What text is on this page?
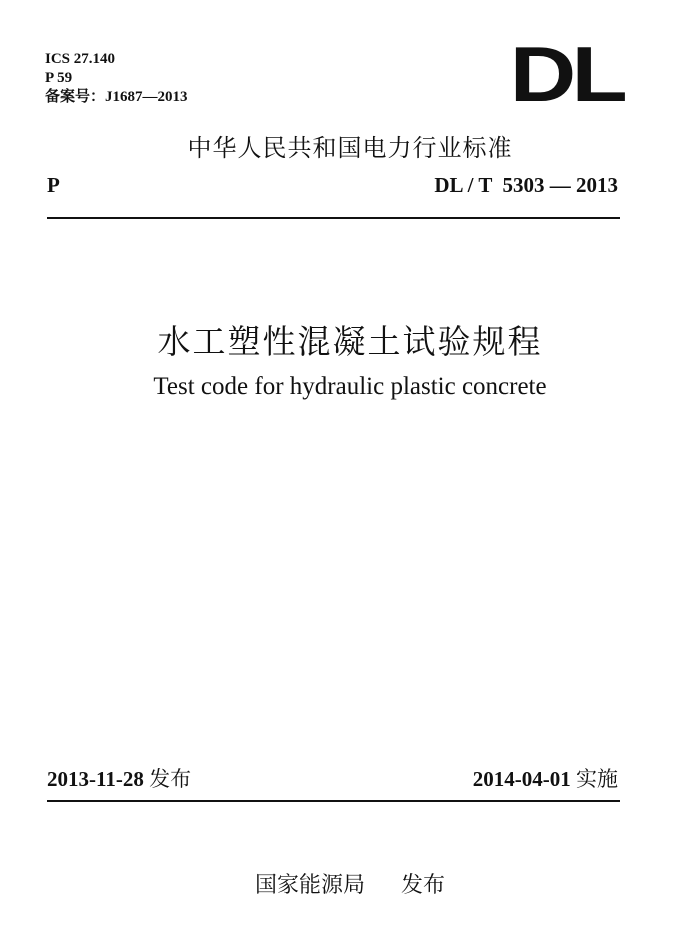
ICS 27.140
P 59
备案号：J1687—2013	DL
中华人民共和国电力行业标准
P	DL / T  5303 — 2013
水工塑性混凝土试验规程
Test code for hydraulic plastic concrete
2013-11-28 发布	2014-04-01 实施
国家能源局 发布
